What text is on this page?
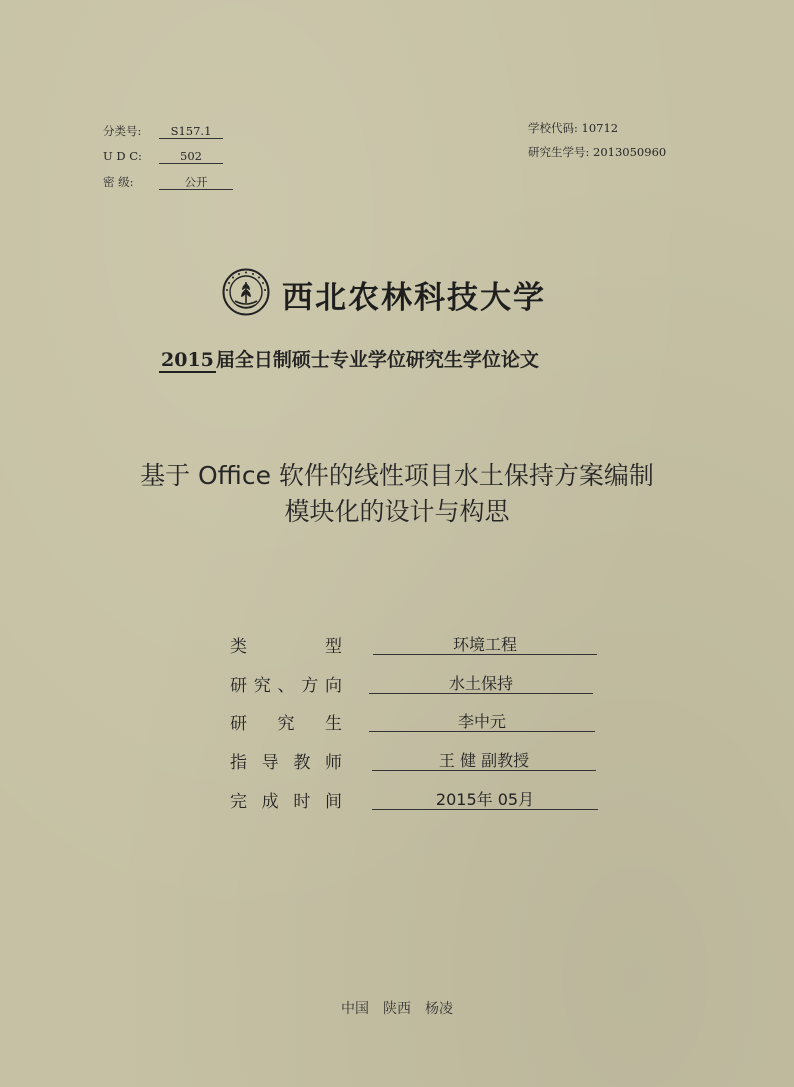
分类号:	S157.1
U D C:	502
密 级:	公开
学校代码: 10712
研究生学号: 2013050960
西北农林科技大学
2015 届全日制硕士专业学位研究生学位论文
基于 Office 软件的线性项目水土保持方案编制
模块化的设计与构思
类 型	环境工程
研究、方向	水土保持
研 究 生	李中元
指导教师	王 健 副教授
完成时间	2015年 05月
中国 陕西 杨凌
